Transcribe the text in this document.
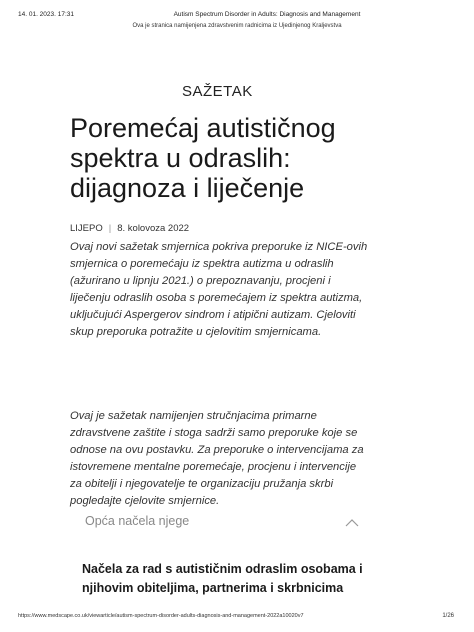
14. 01. 2023. 17:31	Autism Spectrum Disorder in Adults: Diagnosis and Management
Ova je stranica namijenjena zdravstvenim radnicima iz Ujedinjenog Kraljevstva
SAŽETAK
Poremećaj autističnog spektra u odraslih: dijagnoza i liječenje
LIJEPO | 8. kolovoza 2022

Ovaj novi sažetak smjernica pokriva preporuke iz NICE-ovih smjernica o poremećaju iz spektra autizma u odraslih (ažurirano u lipnju 2021.) o prepoznavanju, procjeni i liječenju odraslih osoba s poremećajem iz spektra autizma, uključujući Aspergerov sindrom i atipični autizam. Cjeloviti skup preporuka potražite u cjelovitim smjernicama.

Ovaj je sažetak namijenjen stručnjacima primarne zdravstvene zaštite i stoga sadrži samo preporuke koje se odnose na ovu postavku. Za preporuke o intervencijama za istovremene mentalne poremećaje, procjenu i intervencije za obitelji i njegovatelje te organizaciju pružanja skrbi pogledajte cjelovite smjernice.

Opća načela njege
Načela za rad s autističnim odraslim osobama i njihovim obiteljima, partnerima i skrbnicima
https://www.medscape.co.uk/viewarticle/autism-spectrum-disorder-adults-diagnosis-and-management-2022a10020v7	1/26
